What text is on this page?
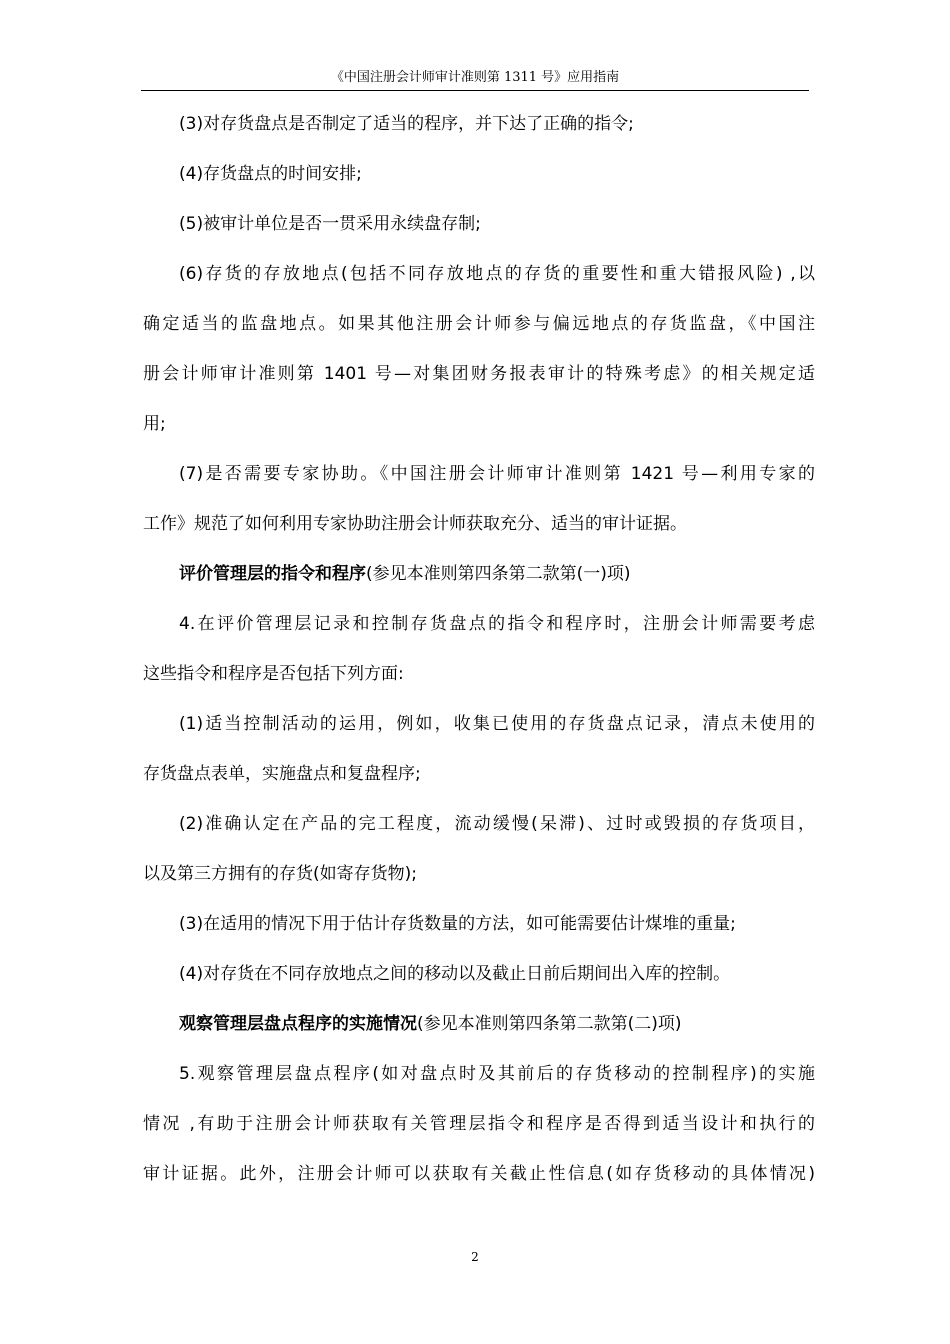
《中国注册会计师审计准则第 1311 号》应用指南
(3)对存货盘点是否制定了适当的程序，并下达了正确的指令;
(4)存货盘点的时间安排;
(5)被审计单位是否一贯采用永续盘存制;
(6)存货的存放地点(包括不同存放地点的存货的重要性和重大错报风险) ,以
确定适当的监盘地点。如果其他注册会计师参与偏远地点的存货监盘，《中国注
册会计师审计准则第 1401 号—对集团财务报表审计的特殊考虑》的相关规定适
用;
(7)是否需要专家协助。《中国注册会计师审计准则第 1421 号—利用专家的
工作》规范了如何利用专家协助注册会计师获取充分、适当的审计证据。
评价管理层的指令和程序(参见本准则第四条第二款第(一)项)
4.在评价管理层记录和控制存货盘点的指令和程序时，注册会计师需要考虑
这些指令和程序是否包括下列方面:
(1)适当控制活动的运用，例如，收集已使用的存货盘点记录，清点未使用的
存货盘点表单，实施盘点和复盘程序;
(2)准确认定在产品的完工程度，流动缓慢(呆滞)、过时或毁损的存货项目，
以及第三方拥有的存货(如寄存货物);
(3)在适用的情况下用于估计存货数量的方法，如可能需要估计煤堆的重量;
(4)对存货在不同存放地点之间的移动以及截止日前后期间出入库的控制。
观察管理层盘点程序的实施情况(参见本准则第四条第二款第(二)项)
5.观察管理层盘点程序(如对盘点时及其前后的存货移动的控制程序)的实施
情况 ,有助于注册会计师获取有关管理层指令和程序是否得到适当设计和执行的
审计证据。此外，注册会计师可以获取有关截止性信息(如存货移动的具体情况)
2
